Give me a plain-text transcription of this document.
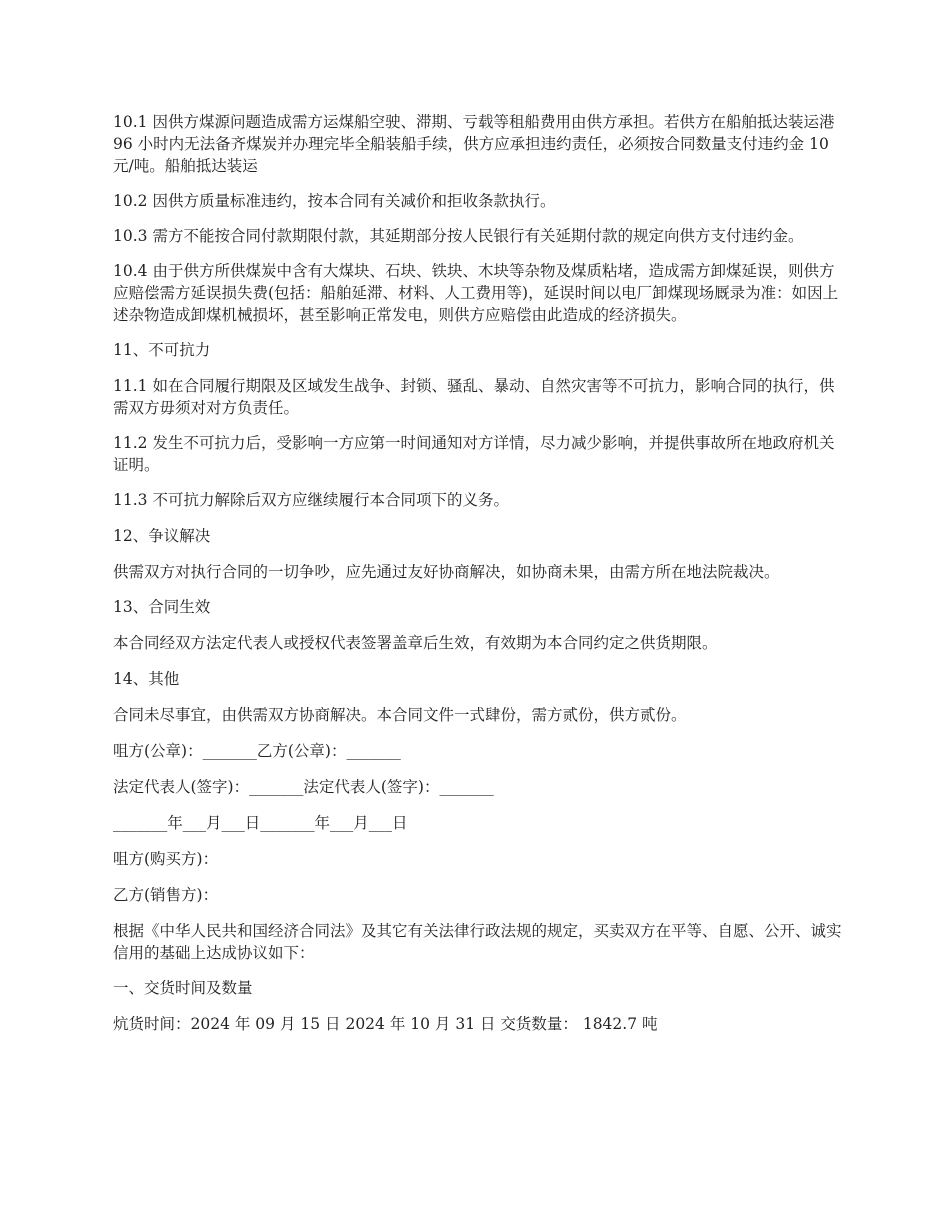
10.1 因供方煤源问题造成需方运煤船空驶、滞期、亏载等租船费用由供方承担。若供方在船舶抵达装运港 96 小时内无法备齐煤炭并办理完毕全船装船手续，供方应承担违约责任，必须按合同数量支付违约金 10 元/吨。船舶抵达装运

10.2 因供方质量标准违约，按本合同有关减价和拒收条款执行。

10.3 需方不能按合同付款期限付款，其延期部分按人民银行有关延期付款的规定向供方支付违约金。

10.4 由于供方所供煤炭中含有大煤块、石块、铁块、木块等杂物及煤质粘堵，造成需方卸煤延误，则供方应赔偿需方延误损失费(包括：船舶延滞、材料、人工费用等)，延误时间以电厂卸煤现场厩录为准：如因上述杂物造成卸煤机械损坏，甚至影响正常发电，则供方应赔偿由此造成的经济损失。

11、不可抗力

11.1 如在合同履行期限及区域发生战争、封锁、骚乱、暴动、自然灾害等不可抗力，影响合同的执行，供需双方毋须对对方负责任。

11.2 发生不可抗力后，受影响一方应第一时间通知对方详情，尽力减少影响，并提供事故所在地政府机关证明。

11.3 不可抗力解除后双方应继续履行本合同项下的义务。

12、争议解决

供需双方对执行合同的一切争吵，应先通过友好协商解决，如协商未果，由需方所在地法院裁决。

13、合同生效

本合同经双方法定代表人或授权代表签署盖章后生效，有效期为本合同约定之供货期限。

14、其他

合同未尽事宜，由供需双方协商解决。本合同文件一式肆份，需方贰份，供方贰份。

咀方(公章)：_______乙方(公章)：_______

法定代表人(签字)：_______法定代表人(签字)：_______

_______年___月___日_______年___月___日

咀方(购买方)：

乙方(销售方)：

根据《中华人民共和国经济合同法》及其它有关法律行政法规的规定，买卖双方在平等、自愿、公开、诚实信用的基础上达成协议如下：

一、交货时间及数量

炕货时间：2024 年 09 月 15 日 2024 年 10 月 31 日 交货数量： 1842.7 吨
